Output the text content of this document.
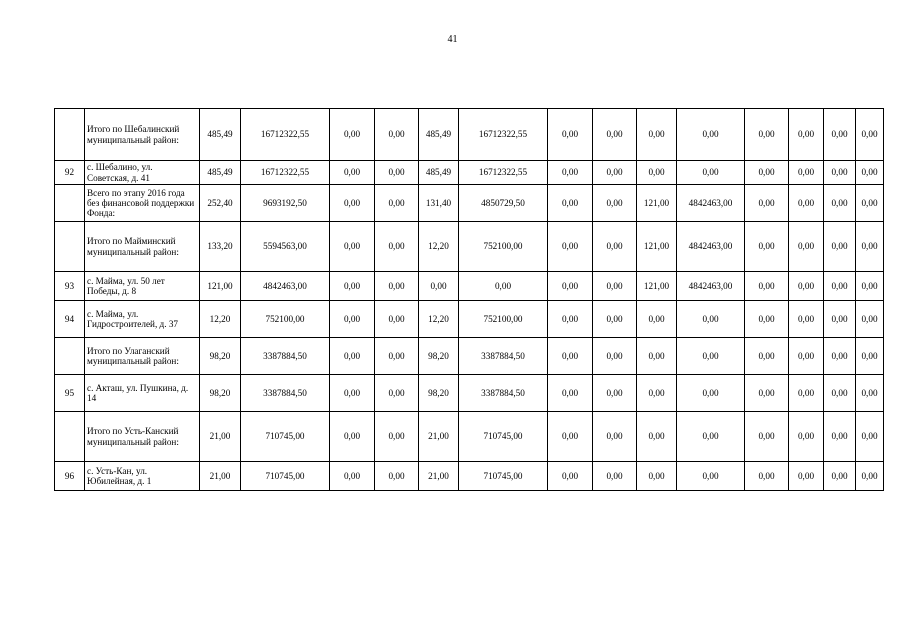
41
	Итого по Шебалинский муниципальный район:	485,49	16712322,55	0,00	0,00	485,49	16712322,55	0,00	0,00	0,00	0,00	0,00	0,00	0,00	0,00
92	с. Шебалино, ул. Советская, д. 41	485,49	16712322,55	0,00	0,00	485,49	16712322,55	0,00	0,00	0,00	0,00	0,00	0,00	0,00	0,00
	Всего по этапу 2016 года без финансовой поддержки Фонда:	252,40	9693192,50	0,00	0,00	131,40	4850729,50	0,00	0,00	121,00	4842463,00	0,00	0,00	0,00	0,00
	Итого по Майминский муниципальный район:	133,20	5594563,00	0,00	0,00	12,20	752100,00	0,00	0,00	121,00	4842463,00	0,00	0,00	0,00	0,00
93	с. Майма, ул. 50 лет Победы, д. 8	121,00	4842463,00	0,00	0,00	0,00	0,00	0,00	0,00	121,00	4842463,00	0,00	0,00	0,00	0,00
94	с. Майма, ул. Гидростроителей, д. 37	12,20	752100,00	0,00	0,00	12,20	752100,00	0,00	0,00	0,00	0,00	0,00	0,00	0,00	0,00
	Итого по Улаганский муниципальный район:	98,20	3387884,50	0,00	0,00	98,20	3387884,50	0,00	0,00	0,00	0,00	0,00	0,00	0,00	0,00
95	с. Акташ, ул. Пушкина, д. 14	98,20	3387884,50	0,00	0,00	98,20	3387884,50	0,00	0,00	0,00	0,00	0,00	0,00	0,00	0,00
	Итого по Усть-Канский муниципальный район:	21,00	710745,00	0,00	0,00	21,00	710745,00	0,00	0,00	0,00	0,00	0,00	0,00	0,00	0,00
96	с. Усть-Кан, ул. Юбилейная, д. 1	21,00	710745,00	0,00	0,00	21,00	710745,00	0,00	0,00	0,00	0,00	0,00	0,00	0,00	0,00
